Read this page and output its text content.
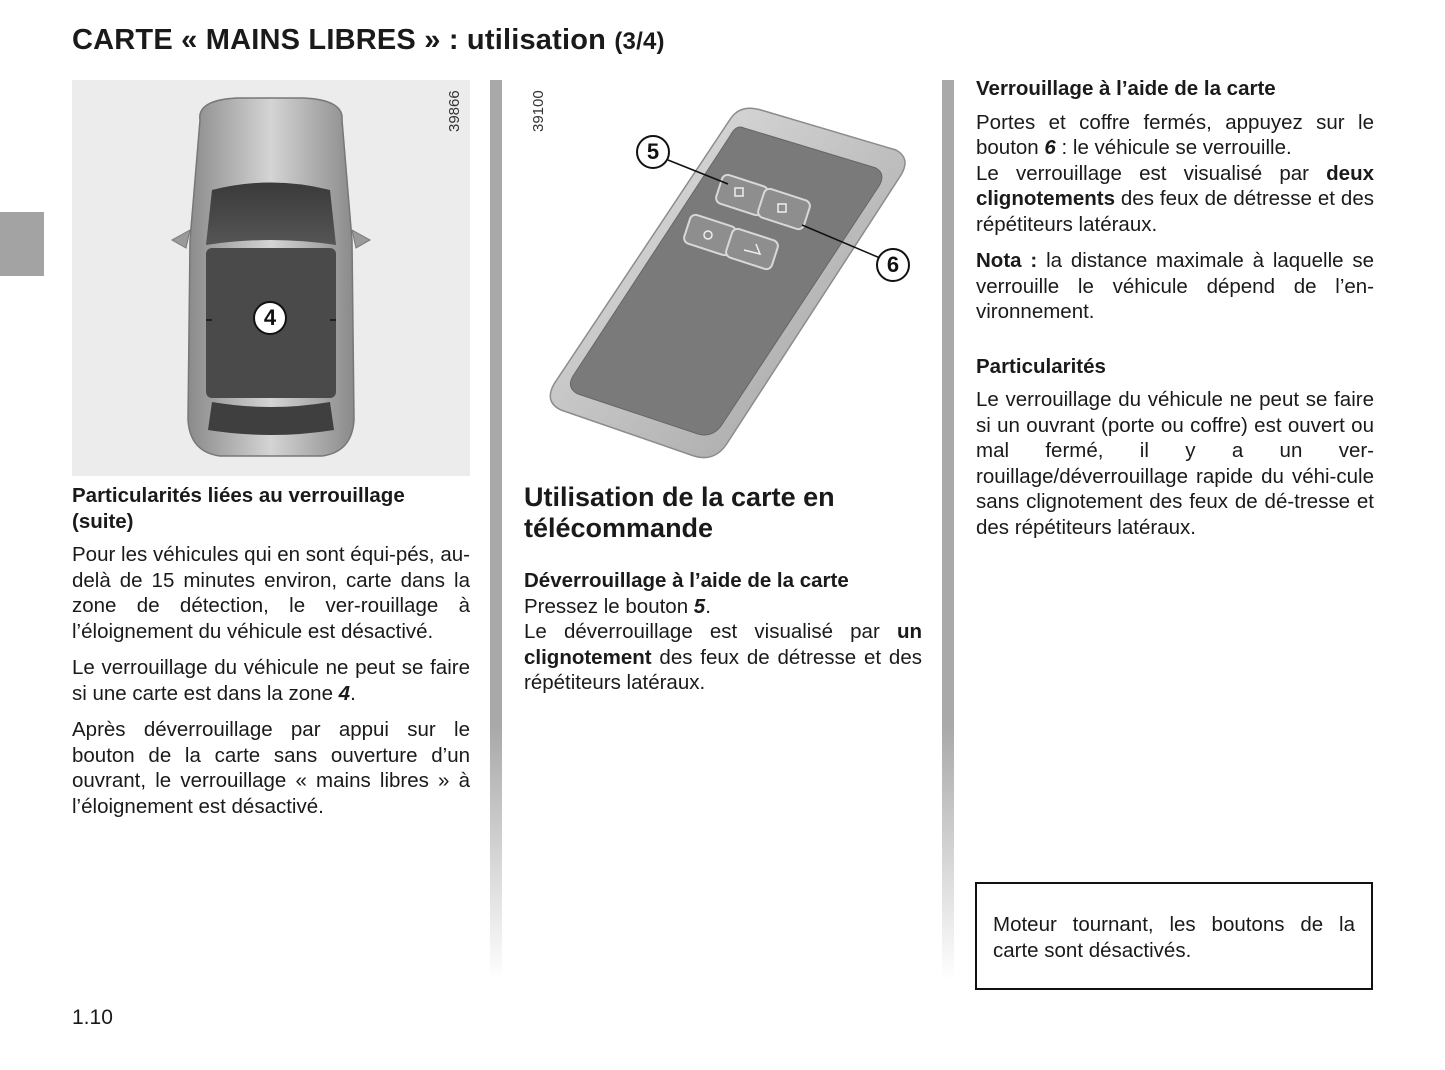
CARTE « MAINS LIBRES » : utilisation (3/4)
39866
4
39100
5
6
Particularités liées au verrouillage (suite)

Pour les véhicules qui en sont équi-pés, au-delà de 15 minutes environ, carte dans la zone de détection, le ver-rouillage à l’éloignement du véhicule est désactivé.

Le verrouillage du véhicule ne peut se faire si une carte est dans la zone 4.

Après déverrouillage par appui sur le bouton de la carte sans ouverture d’un ouvrant, le verrouillage « mains libres » à l’éloignement est désactivé.

Utilisation de la carte en télécommande
Déverrouillage à l’aide de la carte
Pressez le bouton 5.

Le déverrouillage est visualisé par un clignotement des feux de détresse et des répétiteurs latéraux.

Verrouillage à l’aide de la carte

Portes et coffre fermés, appuyez sur le bouton 6 : le véhicule se verrouille.

Le verrouillage est visualisé par deux clignotements des feux de détresse et des répétiteurs latéraux.

Nota : la distance maximale à laquelle se verrouille le véhicule dépend de l’en-vironnement.

Particularités

Le verrouillage du véhicule ne peut se faire si un ouvrant (porte ou coffre) est ouvert ou mal fermé, il y a un ver-rouillage/déverrouillage rapide du véhi-cule sans clignotement des feux de dé-tresse et des répétiteurs latéraux.

Moteur tournant, les boutons de la carte sont désactivés.
1.10
